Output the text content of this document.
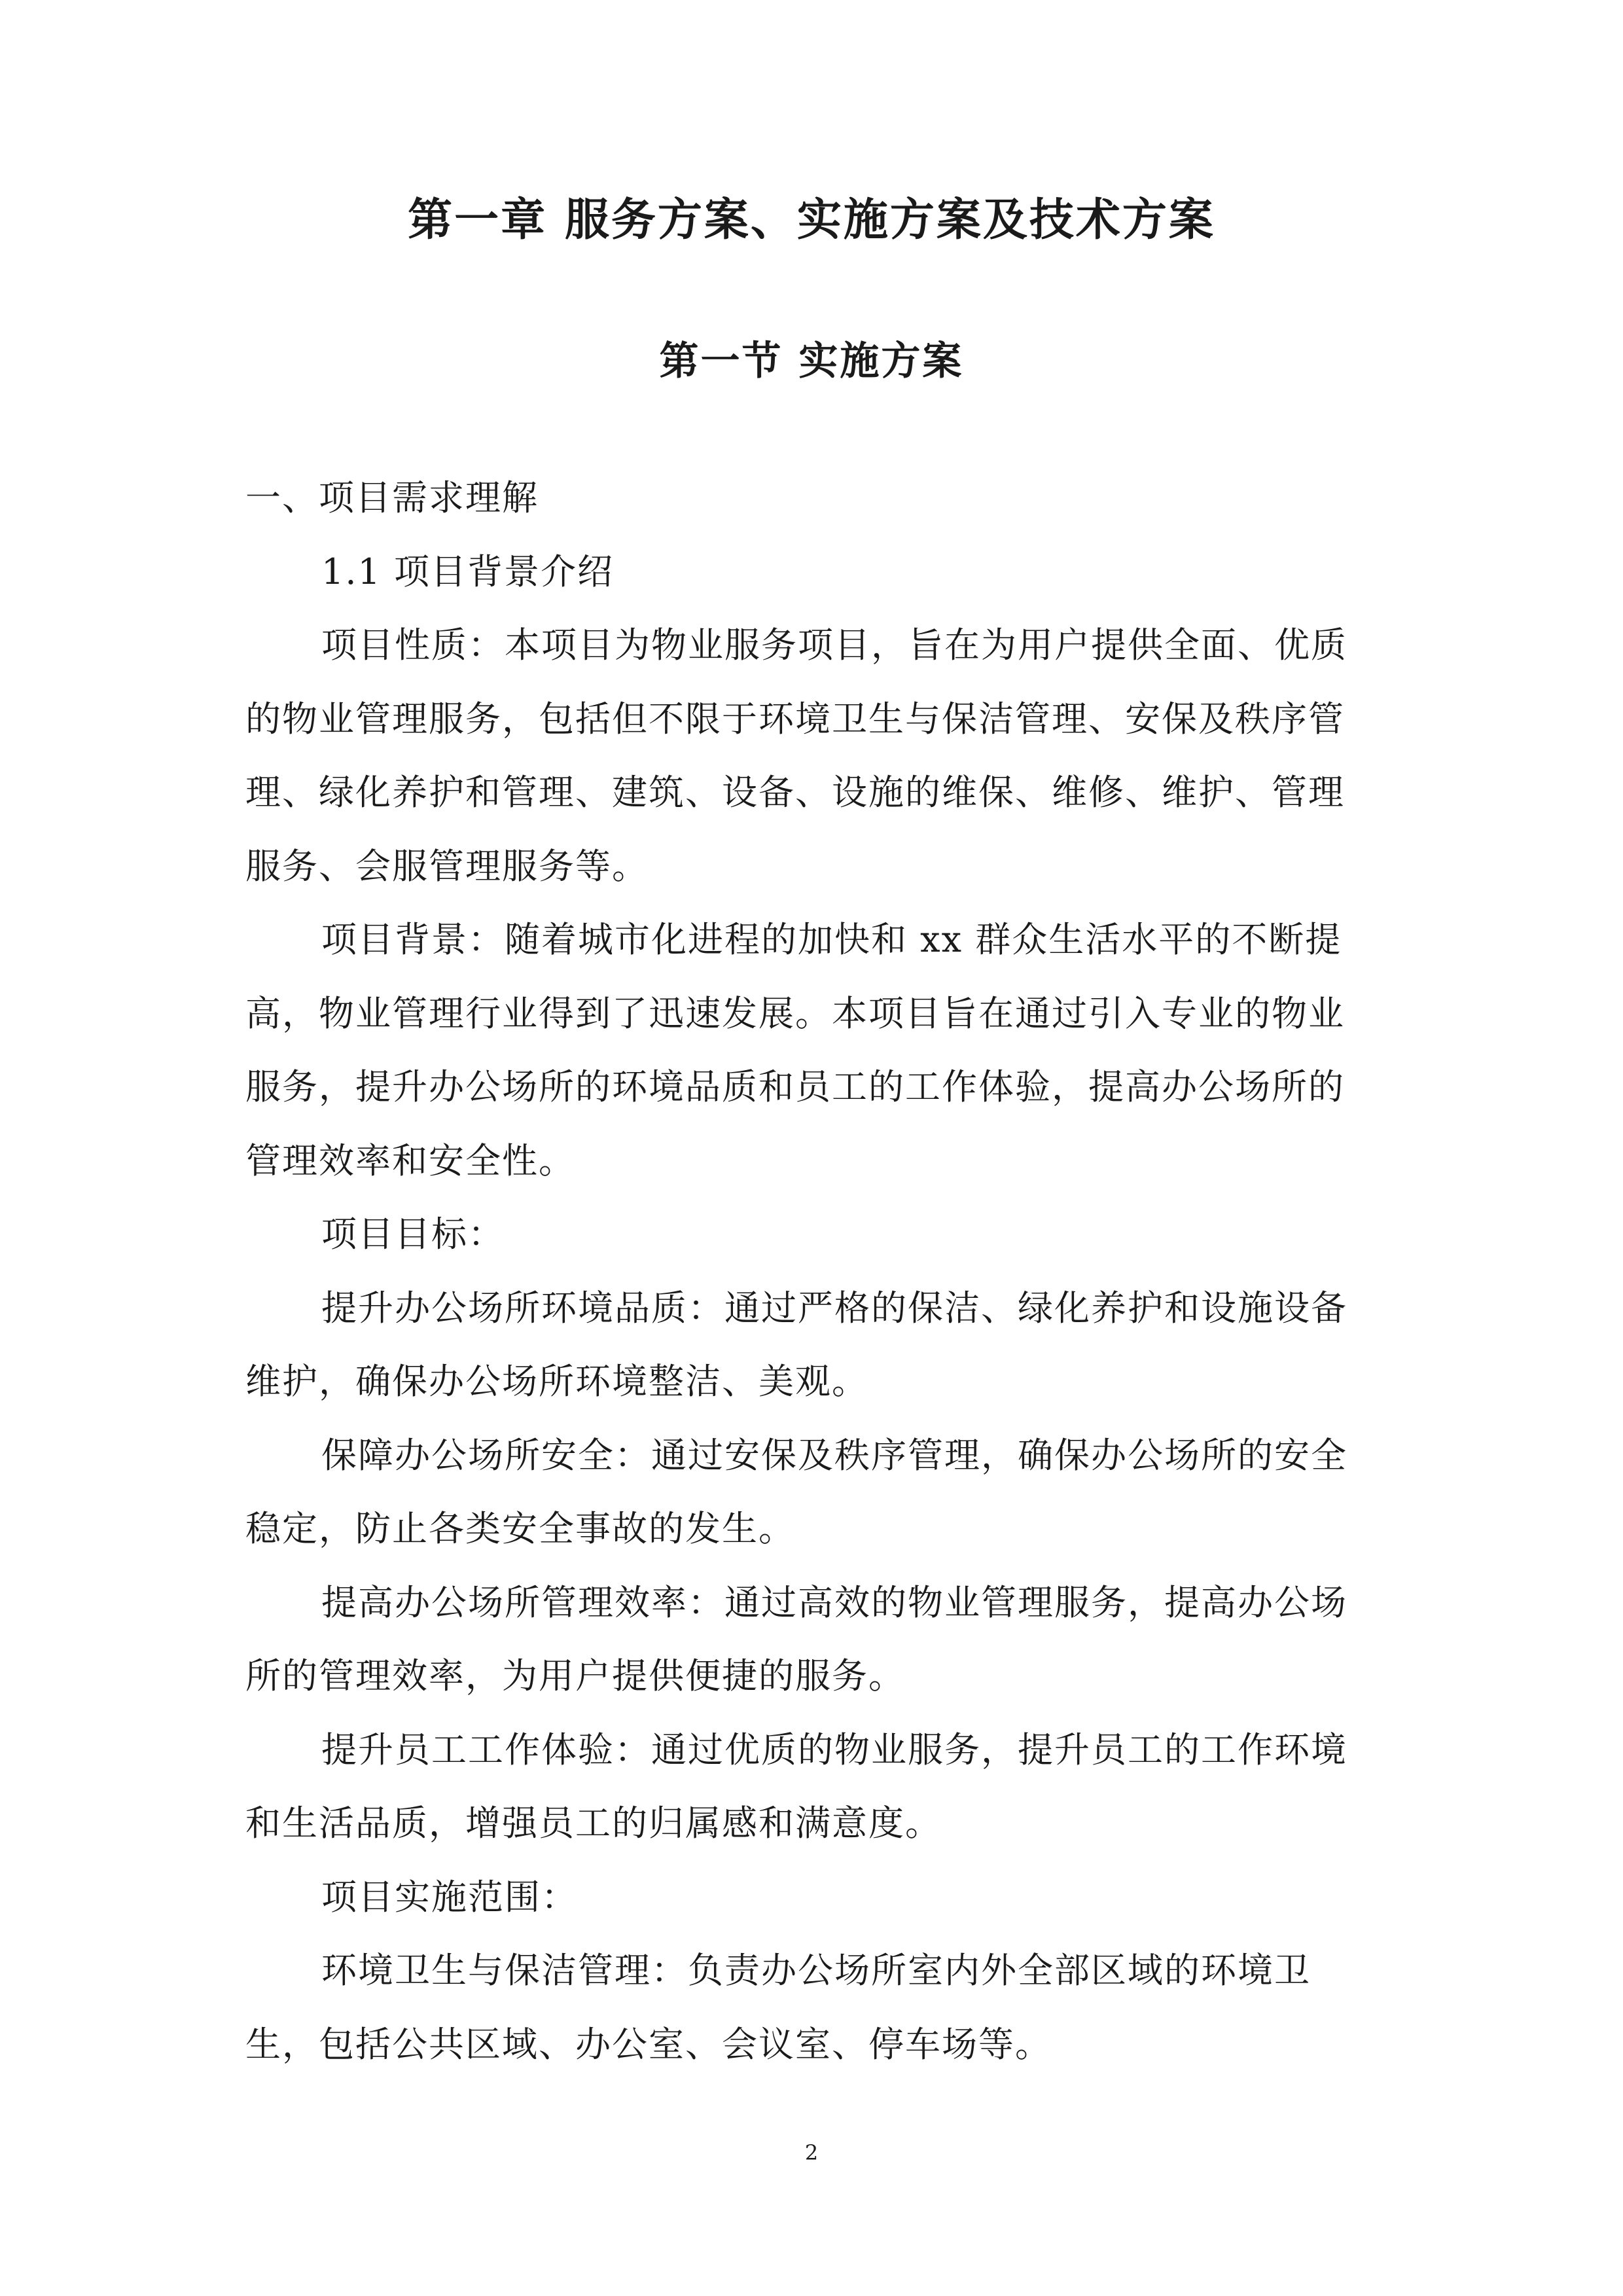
第一章 服务方案、实施方案及技术方案
第一节 实施方案

一、项目需求理解

1.1 项目背景介绍

项目性质：本项目为物业服务项目，旨在为用户提供全面、优质的物业管理服务，包括但不限于环境卫生与保洁管理、安保及秩序管理、绿化养护和管理、建筑、设备、设施的维保、维修、维护、管理服务、会服管理服务等。

项目背景：随着城市化进程的加快和 xx 群众生活水平的不断提高，物业管理行业得到了迅速发展。本项目旨在通过引入专业的物业服务，提升办公场所的环境品质和员工的工作体验，提高办公场所的管理效率和安全性。

项目目标：

提升办公场所环境品质：通过严格的保洁、绿化养护和设施设备维护，确保办公场所环境整洁、美观。

保障办公场所安全：通过安保及秩序管理，确保办公场所的安全稳定，防止各类安全事故的发生。

提高办公场所管理效率：通过高效的物业管理服务，提高办公场所的管理效率，为用户提供便捷的服务。

提升员工工作体验：通过优质的物业服务，提升员工的工作环境和生活品质，增强员工的归属感和满意度。

项目实施范围：

环境卫生与保洁管理：负责办公场所室内外全部区域的环境卫生，包括公共区域、办公室、会议室、停车场等。

2
